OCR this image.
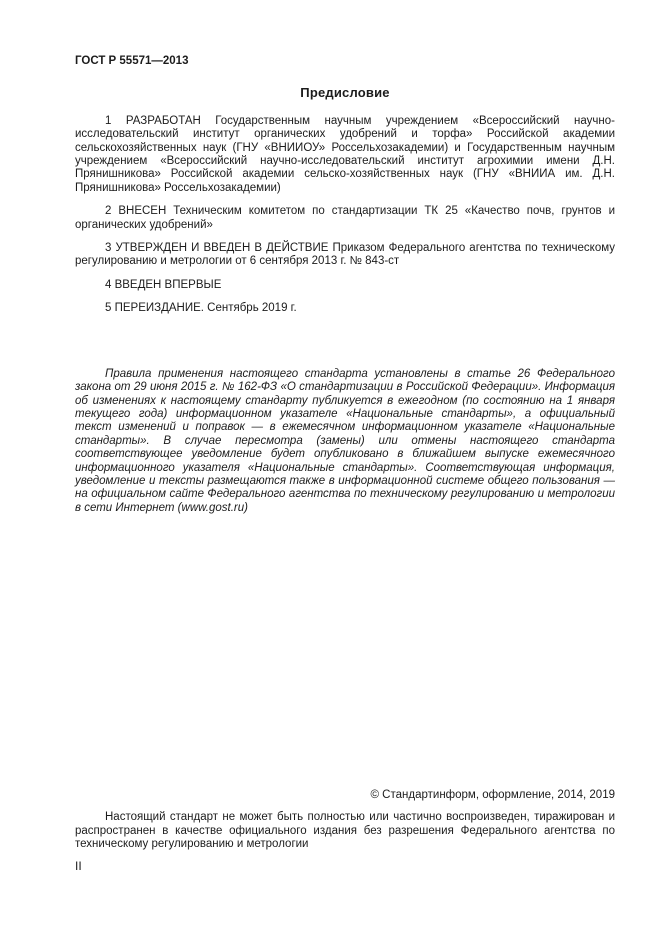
ГОСТ Р 55571—2013
Предисловие

1 РАЗРАБОТАН Государственным научным учреждением «Всероссийский научно-исследовательский институт органических удобрений и торфа» Российской академии сельскохозяйственных наук (ГНУ «ВНИИОУ» Россельхозакадемии) и Государственным научным учреждением «Всероссийский научно-исследовательский институт агрохимии имени Д.Н. Прянишникова» Российской академии сельско-хозяйственных наук (ГНУ «ВНИИА им. Д.Н. Прянишникова» Россельхозакадемии)

2 ВНЕСЕН Техническим комитетом по стандартизации ТК 25 «Качество почв, грунтов и органических удобрений»

3 УТВЕРЖДЕН И ВВЕДЕН В ДЕЙСТВИЕ Приказом Федерального агентства по техническому регулированию и метрологии от 6 сентября 2013 г. № 843-ст

4 ВВЕДЕН ВПЕРВЫЕ

5 ПЕРЕИЗДАНИЕ. Сентябрь 2019 г.

Правила применения настоящего стандарта установлены в статье 26 Федерального закона от 29 июня 2015 г. № 162-ФЗ «О стандартизации в Российской Федерации». Информация об изменениях к настоящему стандарту публикуется в ежегодном (по состоянию на 1 января текущего года) информационном указателе «Национальные стандарты», а официальный текст изменений и поправок — в ежемесячном информационном указателе «Национальные стандарты». В случае пересмотра (замены) или отмены настоящего стандарта соответствующее уведомление будет опубликовано в ближайшем выпуске ежемесячного информационного указателя «Национальные стандарты». Соответствующая информация, уведомление и тексты размещаются также в информационной системе общего пользования — на официальном сайте Федерального агентства по техническому регулированию и метрологии в сети Интернет (www.gost.ru)

© Стандартинформ, оформление, 2014, 2019

Настоящий стандарт не может быть полностью или частично воспроизведен, тиражирован и распространен в качестве официального издания без разрешения Федерального агентства по техническому регулированию и метрологии

II
